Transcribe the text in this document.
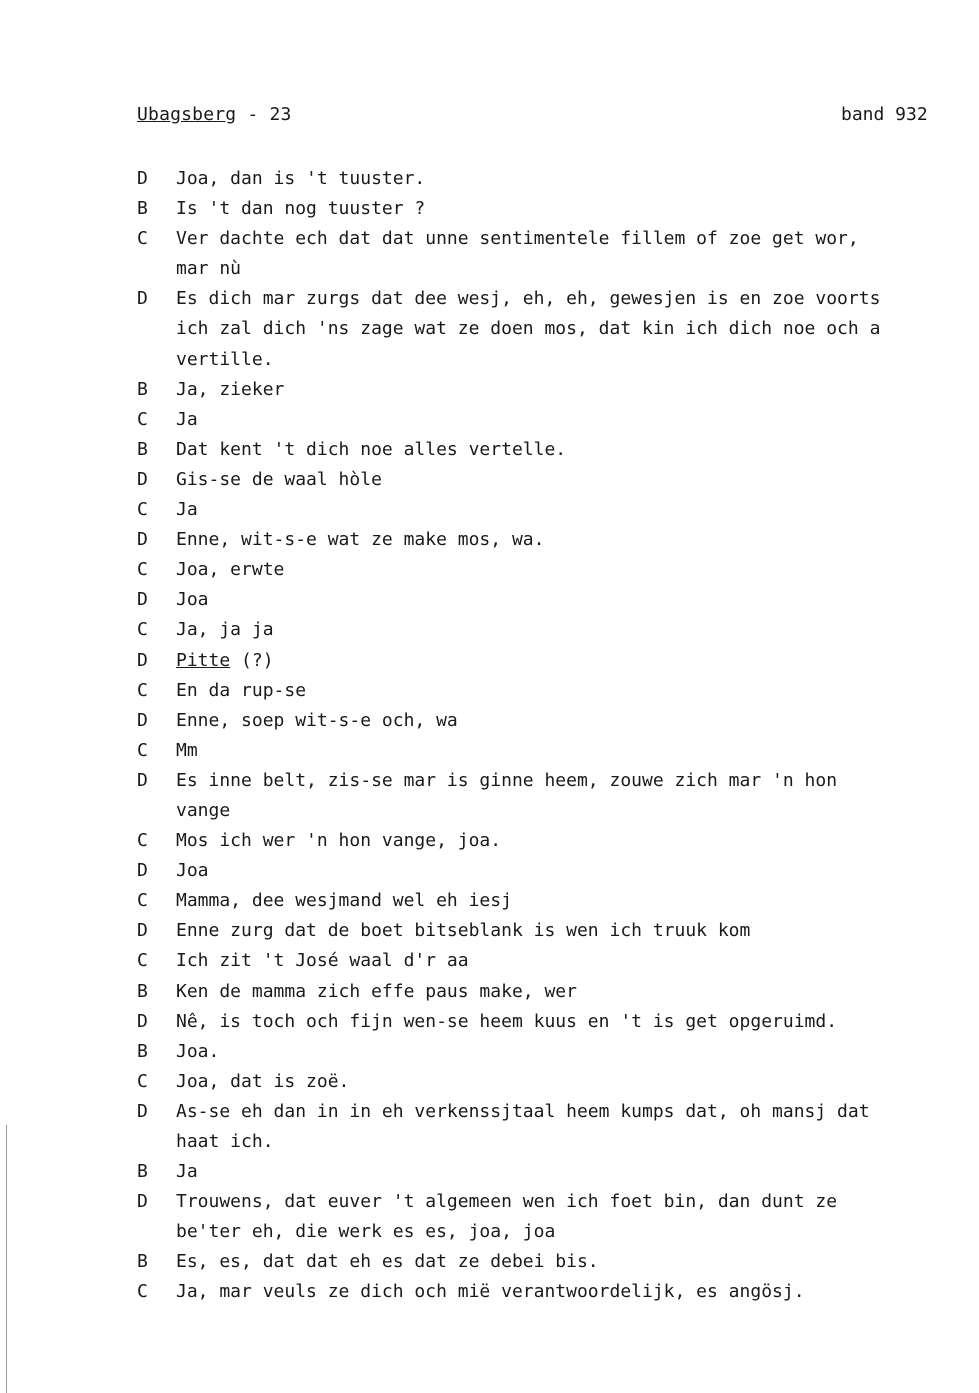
Ubagsberg - 23	band 932
D	Joa, dan is 't tuuster.
B	Is 't dan nog tuuster ?
C	Ver dachte ech dat dat unne sentimentele fillem of zoe get wor,
mar nù
D	Es dich mar zurgs dat dee wesj, eh, eh, gewesjen is en zoe voorts
ich zal dich 'ns zage wat ze doen mos, dat kin ich dich noe och a
vertille.
B	Ja, zieker
C	Ja
B	Dat kent 't dich noe alles vertelle.
D	Gis-se de waal hòle
C	Ja
D	Enne, wit-s-e wat ze make mos, wa.
C	Joa, erwte
D	Joa
C	Ja, ja ja
D	Pitte (?)
C	En da rup-se
D	Enne, soep wit-s-e och, wa
C	Mm
D	Es inne belt, zis-se mar is ginne heem, zouwe zich mar 'n hon
vange
C	Mos ich wer 'n hon vange, joa.
D	Joa
C	Mamma, dee wesjmand wel eh iesj
D	Enne zurg dat de boet bitseblank is wen ich truuk kom
C	Ich zit 't José waal d'r aa
B	Ken de mamma zich effe paus make, wer
D	Nê, is toch och fijn wen-se heem kuus en 't is get opgeruimd.
B	Joa.
C	Joa, dat is zoë.
D	As-se eh dan in in eh verkenssjtaal heem kumps dat, oh mansj dat
haat ich.
B	Ja
D	Trouwens, dat euver 't algemeen wen ich foet bin, dan dunt ze
be'ter eh, die werk es es, joa, joa
B	Es, es, dat dat eh es dat ze debei bis.
C	Ja, mar veuls ze dich och mië verantwoordelijk, es angösj.
